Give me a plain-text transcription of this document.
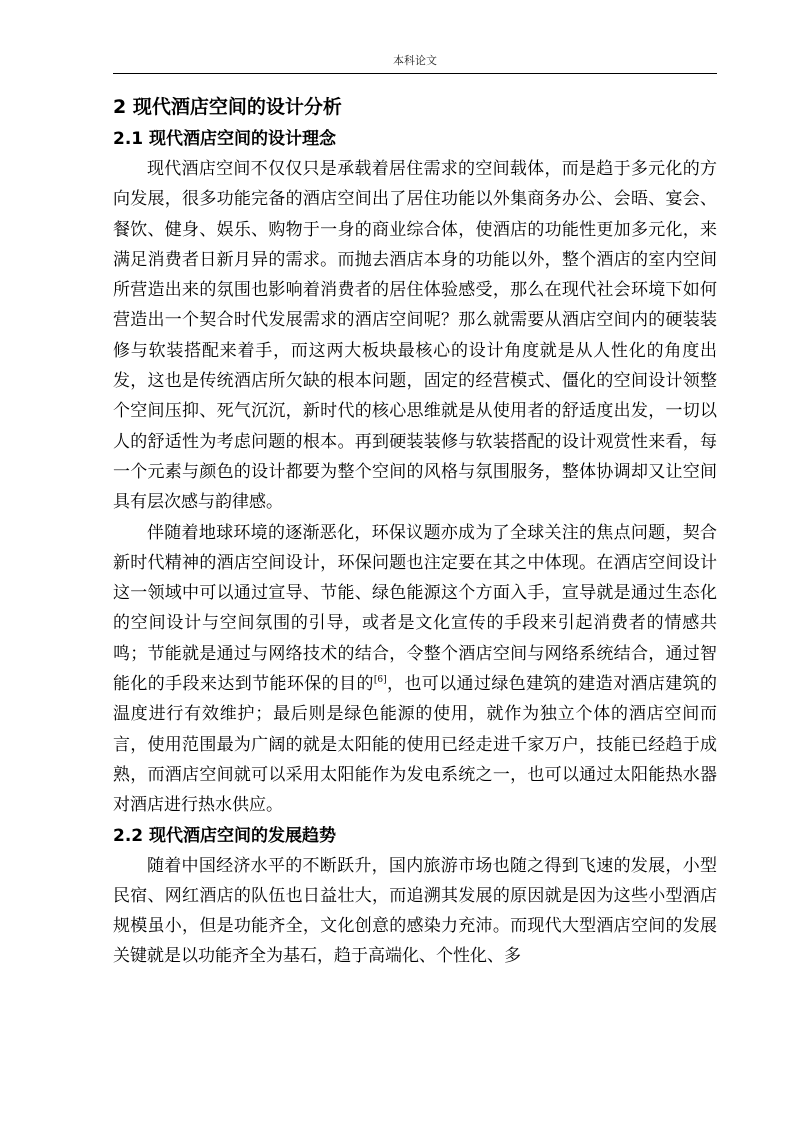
本科论文
2 现代酒店空间的设计分析
2.1 现代酒店空间的设计理念

现代酒店空间不仅仅只是承载着居住需求的空间载体，而是趋于多元化的方向发展，很多功能完备的酒店空间出了居住功能以外集商务办公、会晤、宴会、餐饮、健身、娱乐、购物于一身的商业综合体，使酒店的功能性更加多元化，来满足消费者日新月异的需求。而抛去酒店本身的功能以外，整个酒店的室内空间所营造出来的氛围也影响着消费者的居住体验感受，那么在现代社会环境下如何营造出一个契合时代发展需求的酒店空间呢？那么就需要从酒店空间内的硬装装修与软装搭配来着手，而这两大板块最核心的设计角度就是从人性化的角度出发，这也是传统酒店所欠缺的根本问题，固定的经营模式、僵化的空间设计领整个空间压抑、死气沉沉，新时代的核心思维就是从使用者的舒适度出发，一切以人的舒适性为考虑问题的根本。再到硬装装修与软装搭配的设计观赏性来看，每一个元素与颜色的设计都要为整个空间的风格与氛围服务，整体协调却又让空间具有层次感与韵律感。

伴随着地球环境的逐渐恶化，环保议题亦成为了全球关注的焦点问题，契合新时代精神的酒店空间设计，环保问题也注定要在其之中体现。在酒店空间设计这一领域中可以通过宣导、节能、绿色能源这个方面入手，宣导就是通过生态化的空间设计与空间氛围的引导，或者是文化宣传的手段来引起消费者的情感共鸣；节能就是通过与网络技术的结合，令整个酒店空间与网络系统结合，通过智能化的手段来达到节能环保的目的[6]，也可以通过绿色建筑的建造对酒店建筑的温度进行有效维护；最后则是绿色能源的使用，就作为独立个体的酒店空间而言，使用范围最为广阔的就是太阳能的使用已经走进千家万户，技能已经趋于成熟，而酒店空间就可以采用太阳能作为发电系统之一，也可以通过太阳能热水器对酒店进行热水供应。

2.2 现代酒店空间的发展趋势

随着中国经济水平的不断跃升，国内旅游市场也随之得到飞速的发展，小型民宿、网红酒店的队伍也日益壮大，而追溯其发展的原因就是因为这些小型酒店规模虽小，但是功能齐全，文化创意的感染力充沛。而现代大型酒店空间的发展关键就是以功能齐全为基石，趋于高端化、个性化、多
